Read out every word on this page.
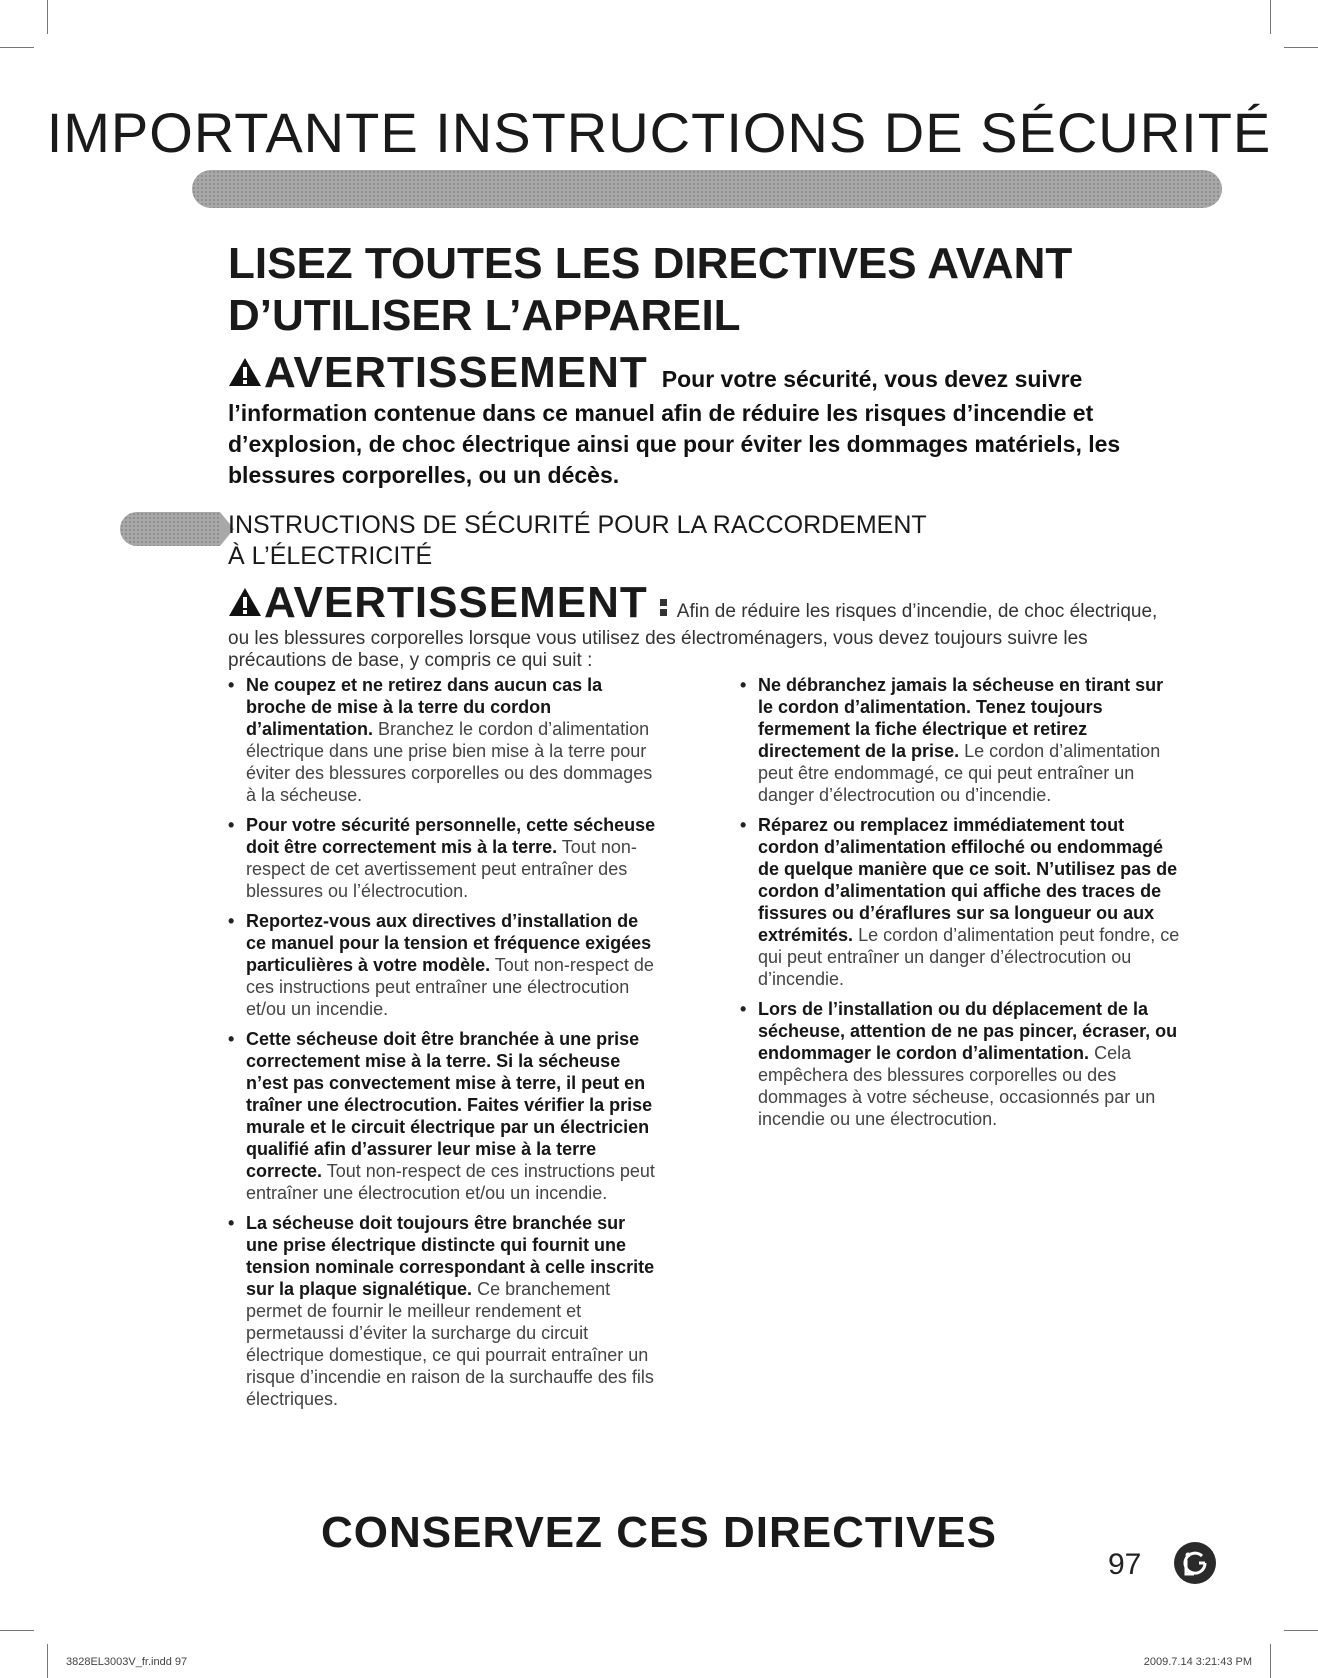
IMPORTANTE INSTRUCTIONS DE SÉCURITÉ
LISEZ TOUTES LES DIRECTIVES AVANT
D’UTILISER L’APPAREIL
AVERTISSEMENT Pour votre sécurité, vous devez suivre
l’information contenue dans ce manuel afin de réduire les risques d’incendie et d’explosion, de choc électrique ainsi que pour éviter les dommages matériels, les blessures corporelles, ou un décès.
INSTRUCTIONS DE SÉCURITÉ POUR LA RACCORDEMENT
À L’ÉLECTRICITÉ
AVERTISSEMENT Afin de réduire les risques d’incendie, de choc électrique,
ou les blessures corporelles lorsque vous utilisez des électroménagers, vous devez toujours suivre les précautions de base, y compris ce qui suit :
• Ne coupez et ne retirez dans aucun cas la broche de mise à la terre du cordon d’alimentation. Branchez le cordon d’alimentation électrique dans une prise bien mise à la terre pour éviter des blessures corporelles ou des dommages à la sécheuse.
• Pour votre sécurité personnelle, cette sécheuse doit être correctement mis à la terre. Tout non-respect de cet avertissement peut entraîner des blessures ou l’électrocution.
• Reportez-vous aux directives d’installation de ce manuel pour la tension et fréquence exigées particulières à votre modèle. Tout non-respect de ces instructions peut entraîner une électrocution et/ou un incendie.
• Cette sécheuse doit être branchée à une prise correctement mise à la terre. Si la sécheuse n’est pas convectement mise à terre, il peut en traîner une électrocution. Faites vérifier la prise murale et le circuit électrique par un électricien qualifié afin d’assurer leur mise à la terre correcte. Tout non-respect de ces instructions peut entraîner une électrocution et/ou un incendie.
• La sécheuse doit toujours être branchée sur une prise électrique distincte qui fournit une tension nominale correspondant à celle inscrite sur la plaque signalétique. Ce branchement permet de fournir le meilleur rendement et permetaussi d’éviter la surcharge du circuit électrique domestique, ce qui pourrait entraîner un risque d’incendie en raison de la surchauffe des fils électriques.
• Ne débranchez jamais la sécheuse en tirant sur le cordon d’alimentation. Tenez toujours fermement la fiche électrique et retirez directement de la prise. Le cordon d’alimentation peut être endommagé, ce qui peut entraîner un danger d’électrocution ou d’incendie.
• Réparez ou remplacez immédiatement tout cordon d’alimentation effiloché ou endommagé de quelque manière que ce soit. N’utilisez pas de cordon d’alimentation qui affiche des traces de fissures ou d’éraflures sur sa longueur ou aux extrémités. Le cordon d’alimentation peut fondre, ce qui peut entraîner un danger d’électrocution ou d’incendie.
• Lors de l’installation ou du déplacement de la sécheuse, attention de ne pas pincer, écraser, ou endommager le cordon d’alimentation. Cela empêchera des blessures corporelles ou des dommages à votre sécheuse, occasionnés par un incendie ou une électrocution.
CONSERVEZ CES DIRECTIVES
97
3828EL3003V_fr.indd 97	2009.7.14 3:21:43 PM
